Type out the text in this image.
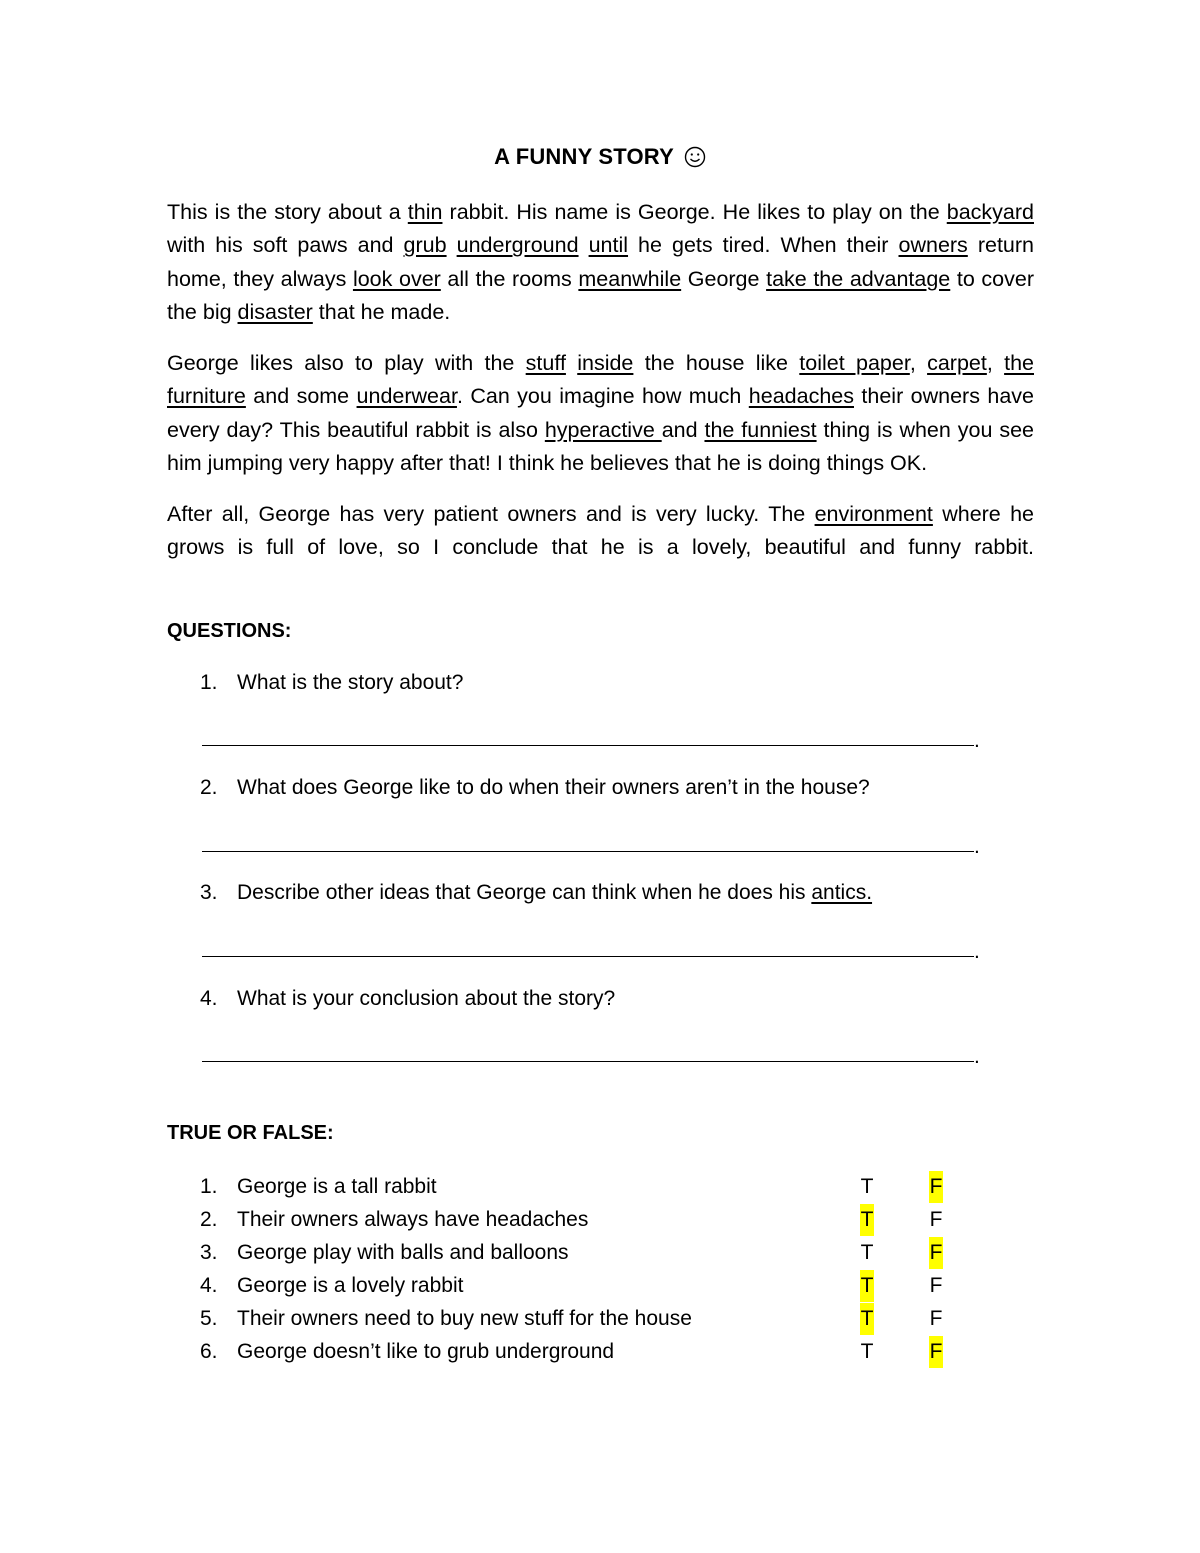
A FUNNY STORY
This is the story about a thin rabbit. His name is George. He likes to play on the backyard with his soft paws and grub underground until he gets tired. When their owners return home, they always look over all the rooms meanwhile George take the advantage to cover the big disaster that he made.
George likes also to play with the stuff inside the house like toilet paper, carpet, the furniture and some underwear. Can you imagine how much headaches their owners have every day? This beautiful rabbit is also hyperactive and the funniest thing is when you see him jumping very happy after that! I think he believes that he is doing things OK.
After all, George has very patient owners and is very lucky. The environment where he grows is full of love, so I conclude that he is a lovely, beautiful and funny rabbit.
QUESTIONS:
1. What is the story about?
.
2. What does George like to do when their owners aren’t in the house?
.
3. Describe other ideas that George can think when he does his antics.
.
4. What is your conclusion about the story?
.
TRUE OR FALSE:
1. George is a tall rabbit	T	F
2. Their owners always have headaches	T	F
3. George play with balls and balloons	T	F
4. George is a lovely rabbit	T	F
5. Their owners need to buy new stuff for the house	T	F
6. George doesn’t like to grub underground	T	F
